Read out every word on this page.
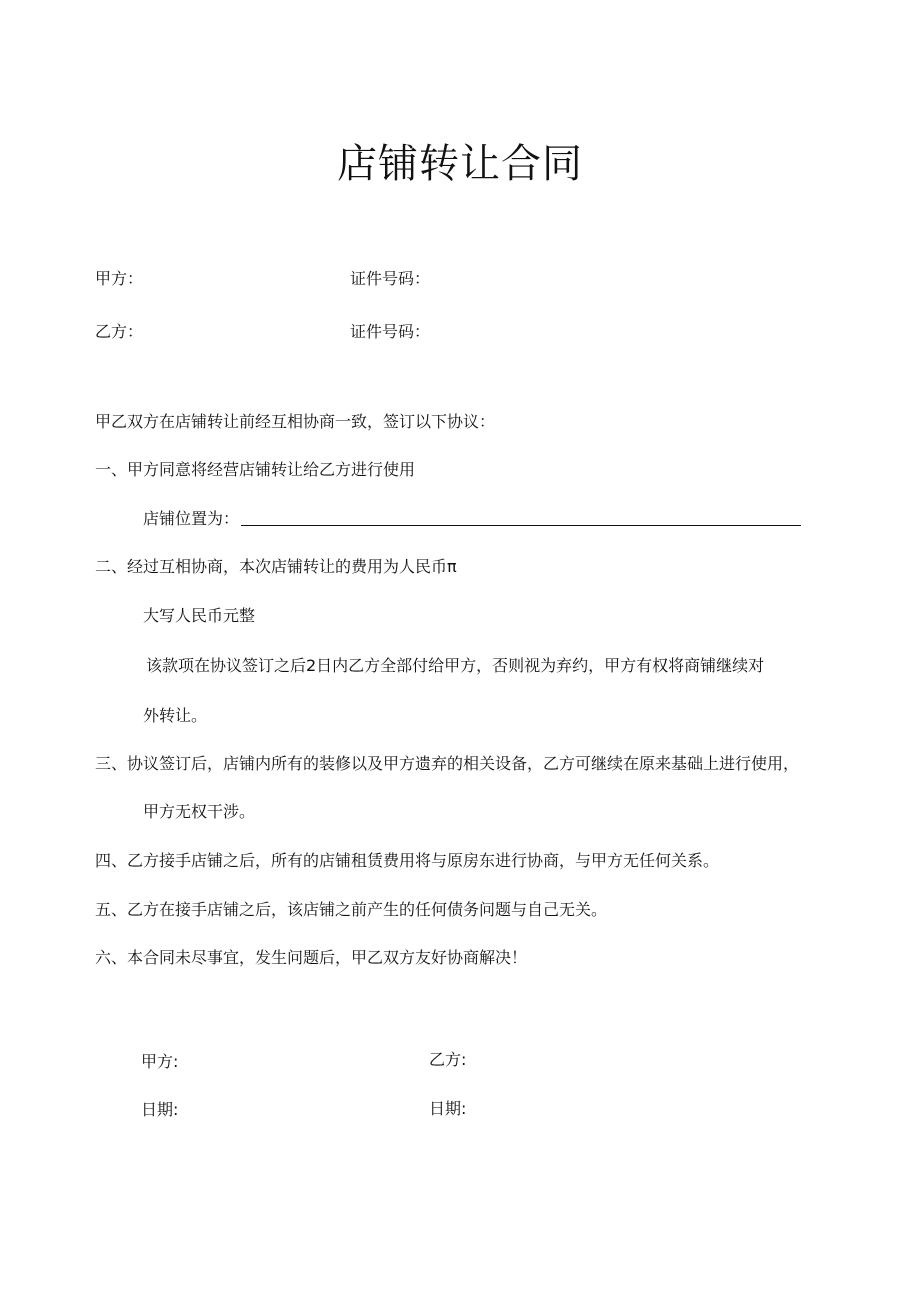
店铺转让合同
甲方：	证件号码：
乙方：	证件号码：
甲乙双方在店铺转让前经互相协商一致，签订以下协议：
一、甲方同意将经营店铺转让给乙方进行使用
店铺位置为：
二、经过互相协商，本次店铺转让的费用为人民币π
大写人民币元整
该款项在协议签订之后2日内乙方全部付给甲方，否则视为弃约，甲方有权将商铺继续对
外转让。
三、协议签订后，店铺内所有的装修以及甲方遗弃的相关设备，乙方可继续在原来基础上进行使用，
甲方无权干涉。
四、乙方接手店铺之后，所有的店铺租赁费用将与原房东进行协商，与甲方无任何关系。
五、乙方在接手店铺之后，该店铺之前产生的任何债务问题与自己无关。
六、本合同未尽事宜，发生问题后，甲乙双方友好协商解决！
甲方:	乙方:
日期:	日期:
